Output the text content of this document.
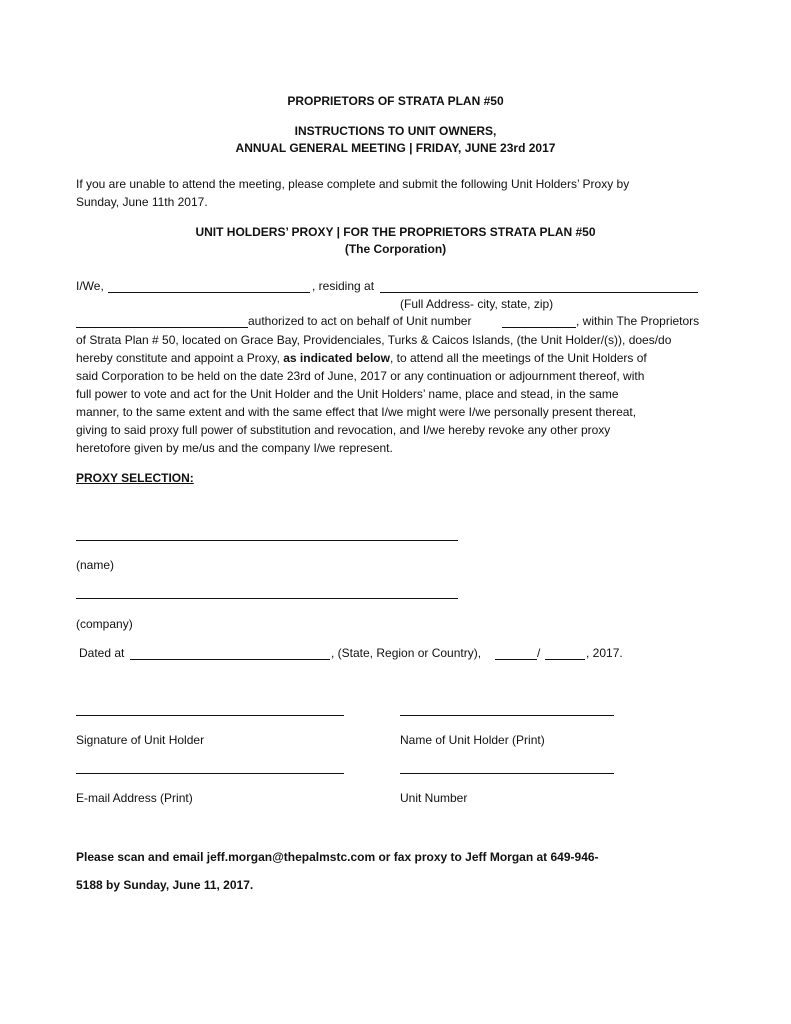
PROPRIETORS OF STRATA PLAN #50
INSTRUCTIONS TO UNIT OWNERS,
ANNUAL GENERAL MEETING | FRIDAY, JUNE 23rd 2017
If you are unable to attend the meeting, please complete and submit the following Unit Holders’ Proxy by
Sunday, June 11th 2017.
UNIT HOLDERS’ PROXY | FOR THE PROPRIETORS STRATA PLAN #50
(The Corporation)
I/We,	, residing at
(Full Address- city, state, zip)
authorized to act on behalf of Unit number	, within The Proprietors
of Strata Plan # 50, located on Grace Bay, Providenciales, Turks & Caicos Islands, (the Unit Holder/(s)), does/do
hereby constitute and appoint a Proxy, as indicated below, to attend all the meetings of the Unit Holders of
said Corporation to be held on the date 23rd of June, 2017 or any continuation or adjournment thereof, with
full power to vote and act for the Unit Holder and the Unit Holders’ name, place and stead, in the same
manner, to the same extent and with the same effect that I/we might were I/we personally present thereat,
giving to said proxy full power of substitution and revocation, and I/we hereby revoke any other proxy
heretofore given by me/us and the company I/we represent.
PROXY SELECTION:
(name)
(company)
Dated at	, (State, Region or Country),	/	, 2017.
Signature of Unit Holder	Name of Unit Holder (Print)
E-mail Address (Print)	Unit Number
Please scan and email jeff.morgan@thepalmstc.com or fax proxy to Jeff Morgan at 649-946-
5188 by Sunday, June 11, 2017.
